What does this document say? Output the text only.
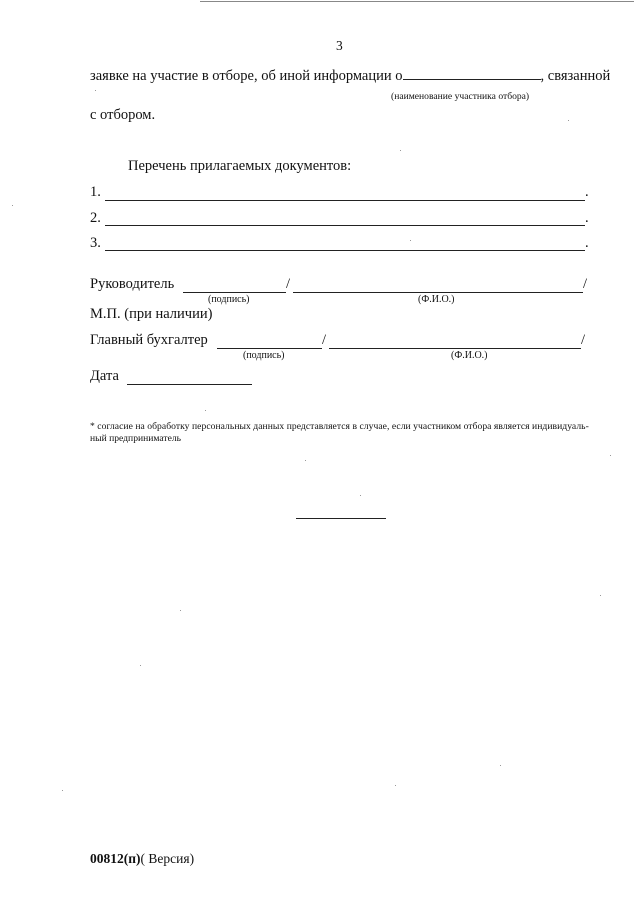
3
заявке на участие в отборе, об иной информации о	, связанной
(наименование участника отбора)
с отбором.
Перечень прилагаемых документов:
1.	.
2.	.
3.	.
Руководитель	/	/
(подпись)	(Ф.И.О.)
М.П. (при наличии)
Главный бухгалтер	/	/
(подпись)	(Ф.И.О.)
Дата
* согласие на обработку персональных данных представляется в случае, если участником отбора является индивидуаль-
ный предприниматель
00812(п)( Версия)
